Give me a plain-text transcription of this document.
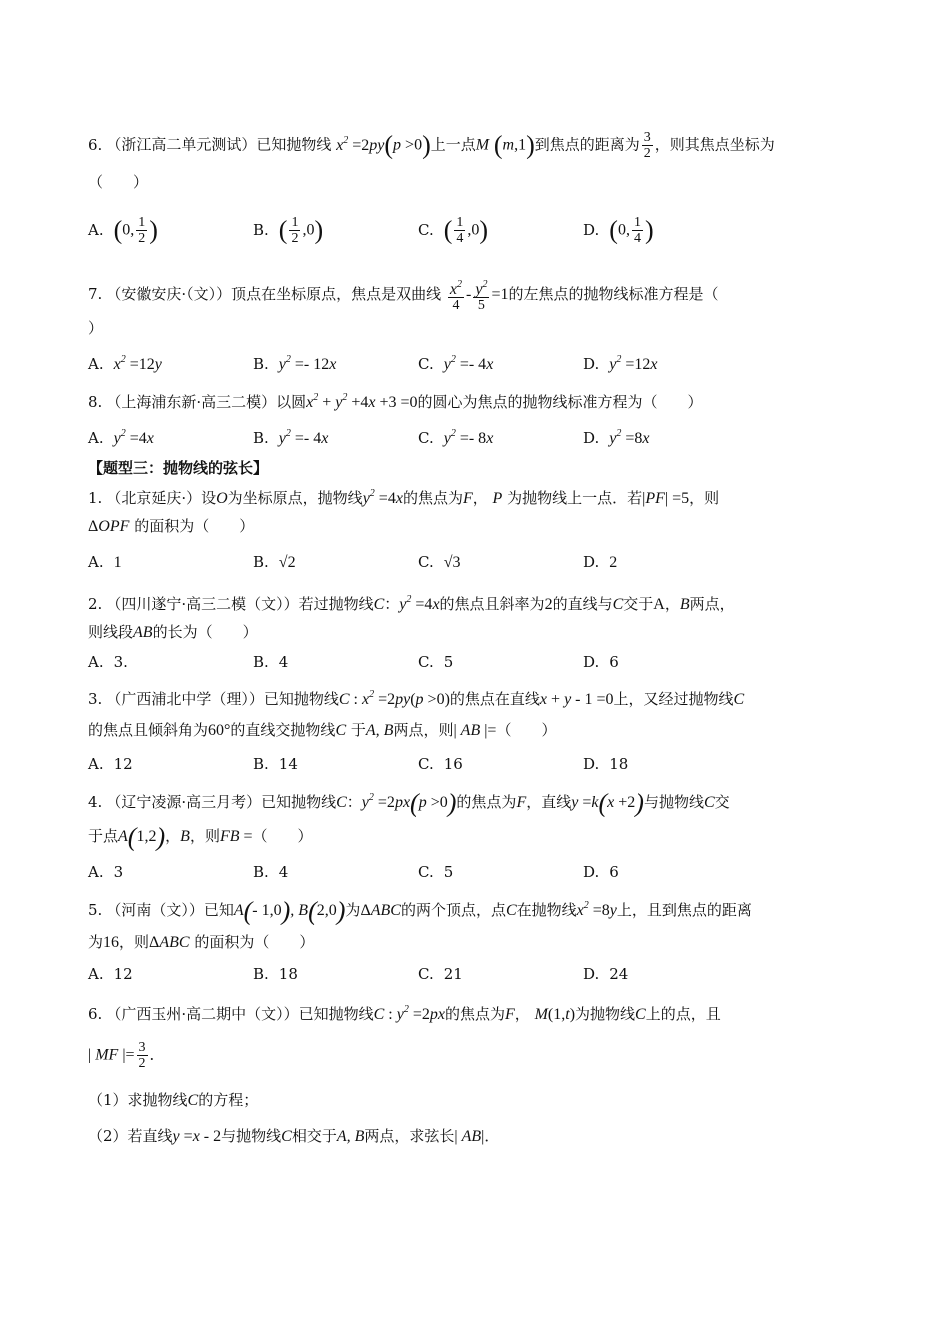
6. （浙江高二单元测试）已知抛物线 $x^2 =2py(p >0)$上一点M (m,1)到焦点的距离为 $\frac{3}{2}$ ，则其焦点坐标为
（　　）
A. (0, $\frac{1}{2}$ )	B. ( $\frac{1}{2} ,0$)	C. ( $\frac{1}{4} ,0$)	D. (0, $\frac{1}{4}$ )
7. （安徽安庆·（文））顶点在坐标原点，焦点是双曲线 $\frac{x^2}{4} - \frac{y^2}{5} =1$的左焦点的抛物线标准方程是（
）
A. $x^2 =12y$	B. $y^2 =- 12x$	C. $y^2 =- 4x$	D. $y^2 =12x$
8. （上海浦东新·高三二模）以圆$x^2 + y^2 +4x +3 =0$的圆心为焦点的抛物线标准方程为（　　）
A. $y^2 =4x$	B. $y^2 =- 4x$	C. $y^2 =- 8x$	D. $y^2 =8x$
【题型三：抛物线的弦长】
1. （北京延庆·）设O为坐标原点，抛物线$y^2 =4x$的焦点为F， P 为抛物线上一点．若|PF| =5，则
ΔOPF 的面积为（　　）
A. 1	B. √2	C. √3	D. 2
2. （四川遂宁·高三二模（文））若过抛物线C：$y^2 =4x$的焦点且斜率为2的直线与C交于A，B两点，
则线段AB的长为（　　）
A. 3.	B. 4	C. 5	D. 6
3. （广西浦北中学（理））已知抛物线C : $x^2 =2py(p >0)$的焦点在直线x + y - 1 =0上，又经过抛物线C
的焦点且倾斜角为60°的直线交抛物线C 于A, B两点，则| AB |=（　　）
A. 12	B. 14	C. 16	D. 18
4. （辽宁凌源·高三月考）已知抛物线C：$y^2 =2px(p >0)$的焦点为F，直线y =k(x +2)与抛物线C交
于点A(1,2)，B，则FB =（　　）
A. 3	B. 4	C. 5	D. 6
5. （河南（文））已知A(- 1,0), B(2,0)为ΔABC的两个顶点，点C在抛物线$x^2 =8y$上，且到焦点的距离
为16，则ΔABC 的面积为（　　）
A. 12	B. 18	C. 21	D. 24
6. （广西玉州·高二期中（文））已知抛物线C : $y^2 =2px$的焦点为F， M(1,t)为抛物线C上的点，且
| MF |= $\frac{3}{2}$ ．
（1）求抛物线C的方程；
（2）若直线y =x - 2与抛物线C相交于A, B两点，求弦长| AB|．
